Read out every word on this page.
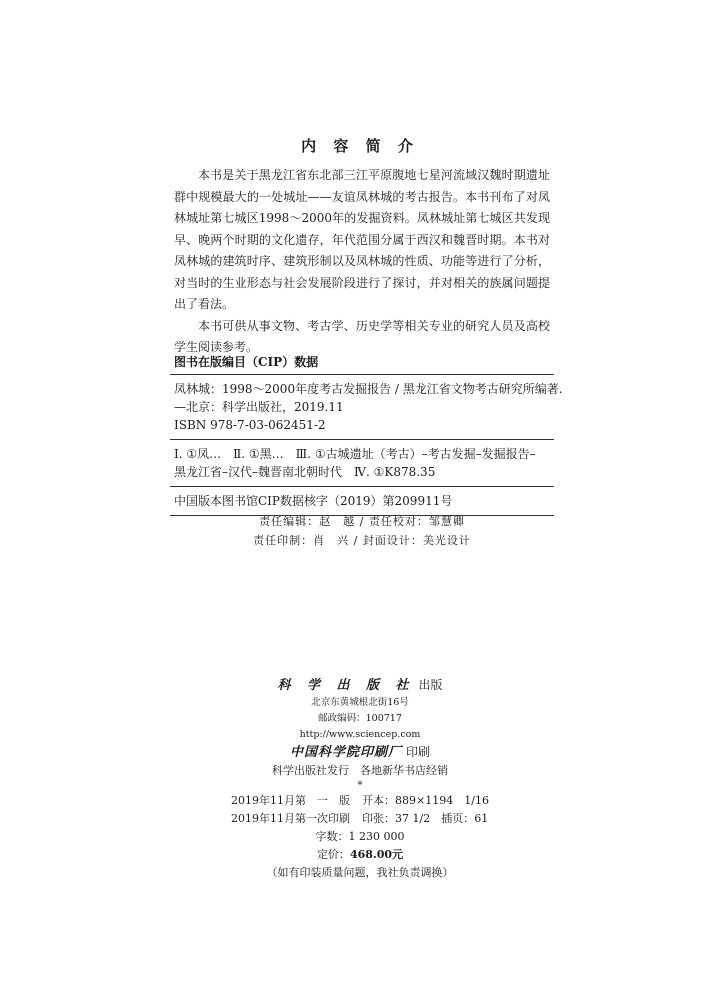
内 容 简 介

本书是关于黑龙江省东北部三江平原腹地七星河流域汉魏时期遗址群中规模最大的一处城址——友谊凤林城的考古报告。本书刊布了对凤林城址第七城区1998～2000年的发掘资料。凤林城址第七城区共发现早、晚两个时期的文化遗存，年代范围分属于西汉和魏晋时期。本书对凤林城的建筑时序、建筑形制以及凤林城的性质、功能等进行了分析，对当时的生业形态与社会发展阶段进行了探讨，并对相关的族属问题提出了看法。

本书可供从事文物、考古学、历史学等相关专业的研究人员及高校学生阅读参考。

图书在版编目（CIP）数据
凤林城：1998～2000年度考古发掘报告 / 黑龙江省文物考古研究所编著.
—北京：科学出版社，2019.11
ISBN 978-7-03-062451-2
Ⅰ. ①凤…　Ⅱ. ①黑…　Ⅲ. ①古城遗址（考古）–考古发掘–发掘报告–
黑龙江省–汉代–魏晋南北朝时代　Ⅳ. ①K878.35
中国版本图书馆CIP数据核字（2019）第209911号
责任编辑：赵　越 / 责任校对：邹慧卿
责任印制：肖　兴 / 封面设计：美光设计
科 学 出 版 社 出版
北京东黄城根北街16号
邮政编码：100717
http://www.sciencep.com
中国科学院印刷厂 印刷
科学出版社发行　各地新华书店经销
*
2019年11月第　一　版 开本：889×1194　1/16
2019年11月第一次印刷 印张：37 1/2　插页：61
字数：1 230 000
定价：468.00元
（如有印装质量问题，我社负责调换）
